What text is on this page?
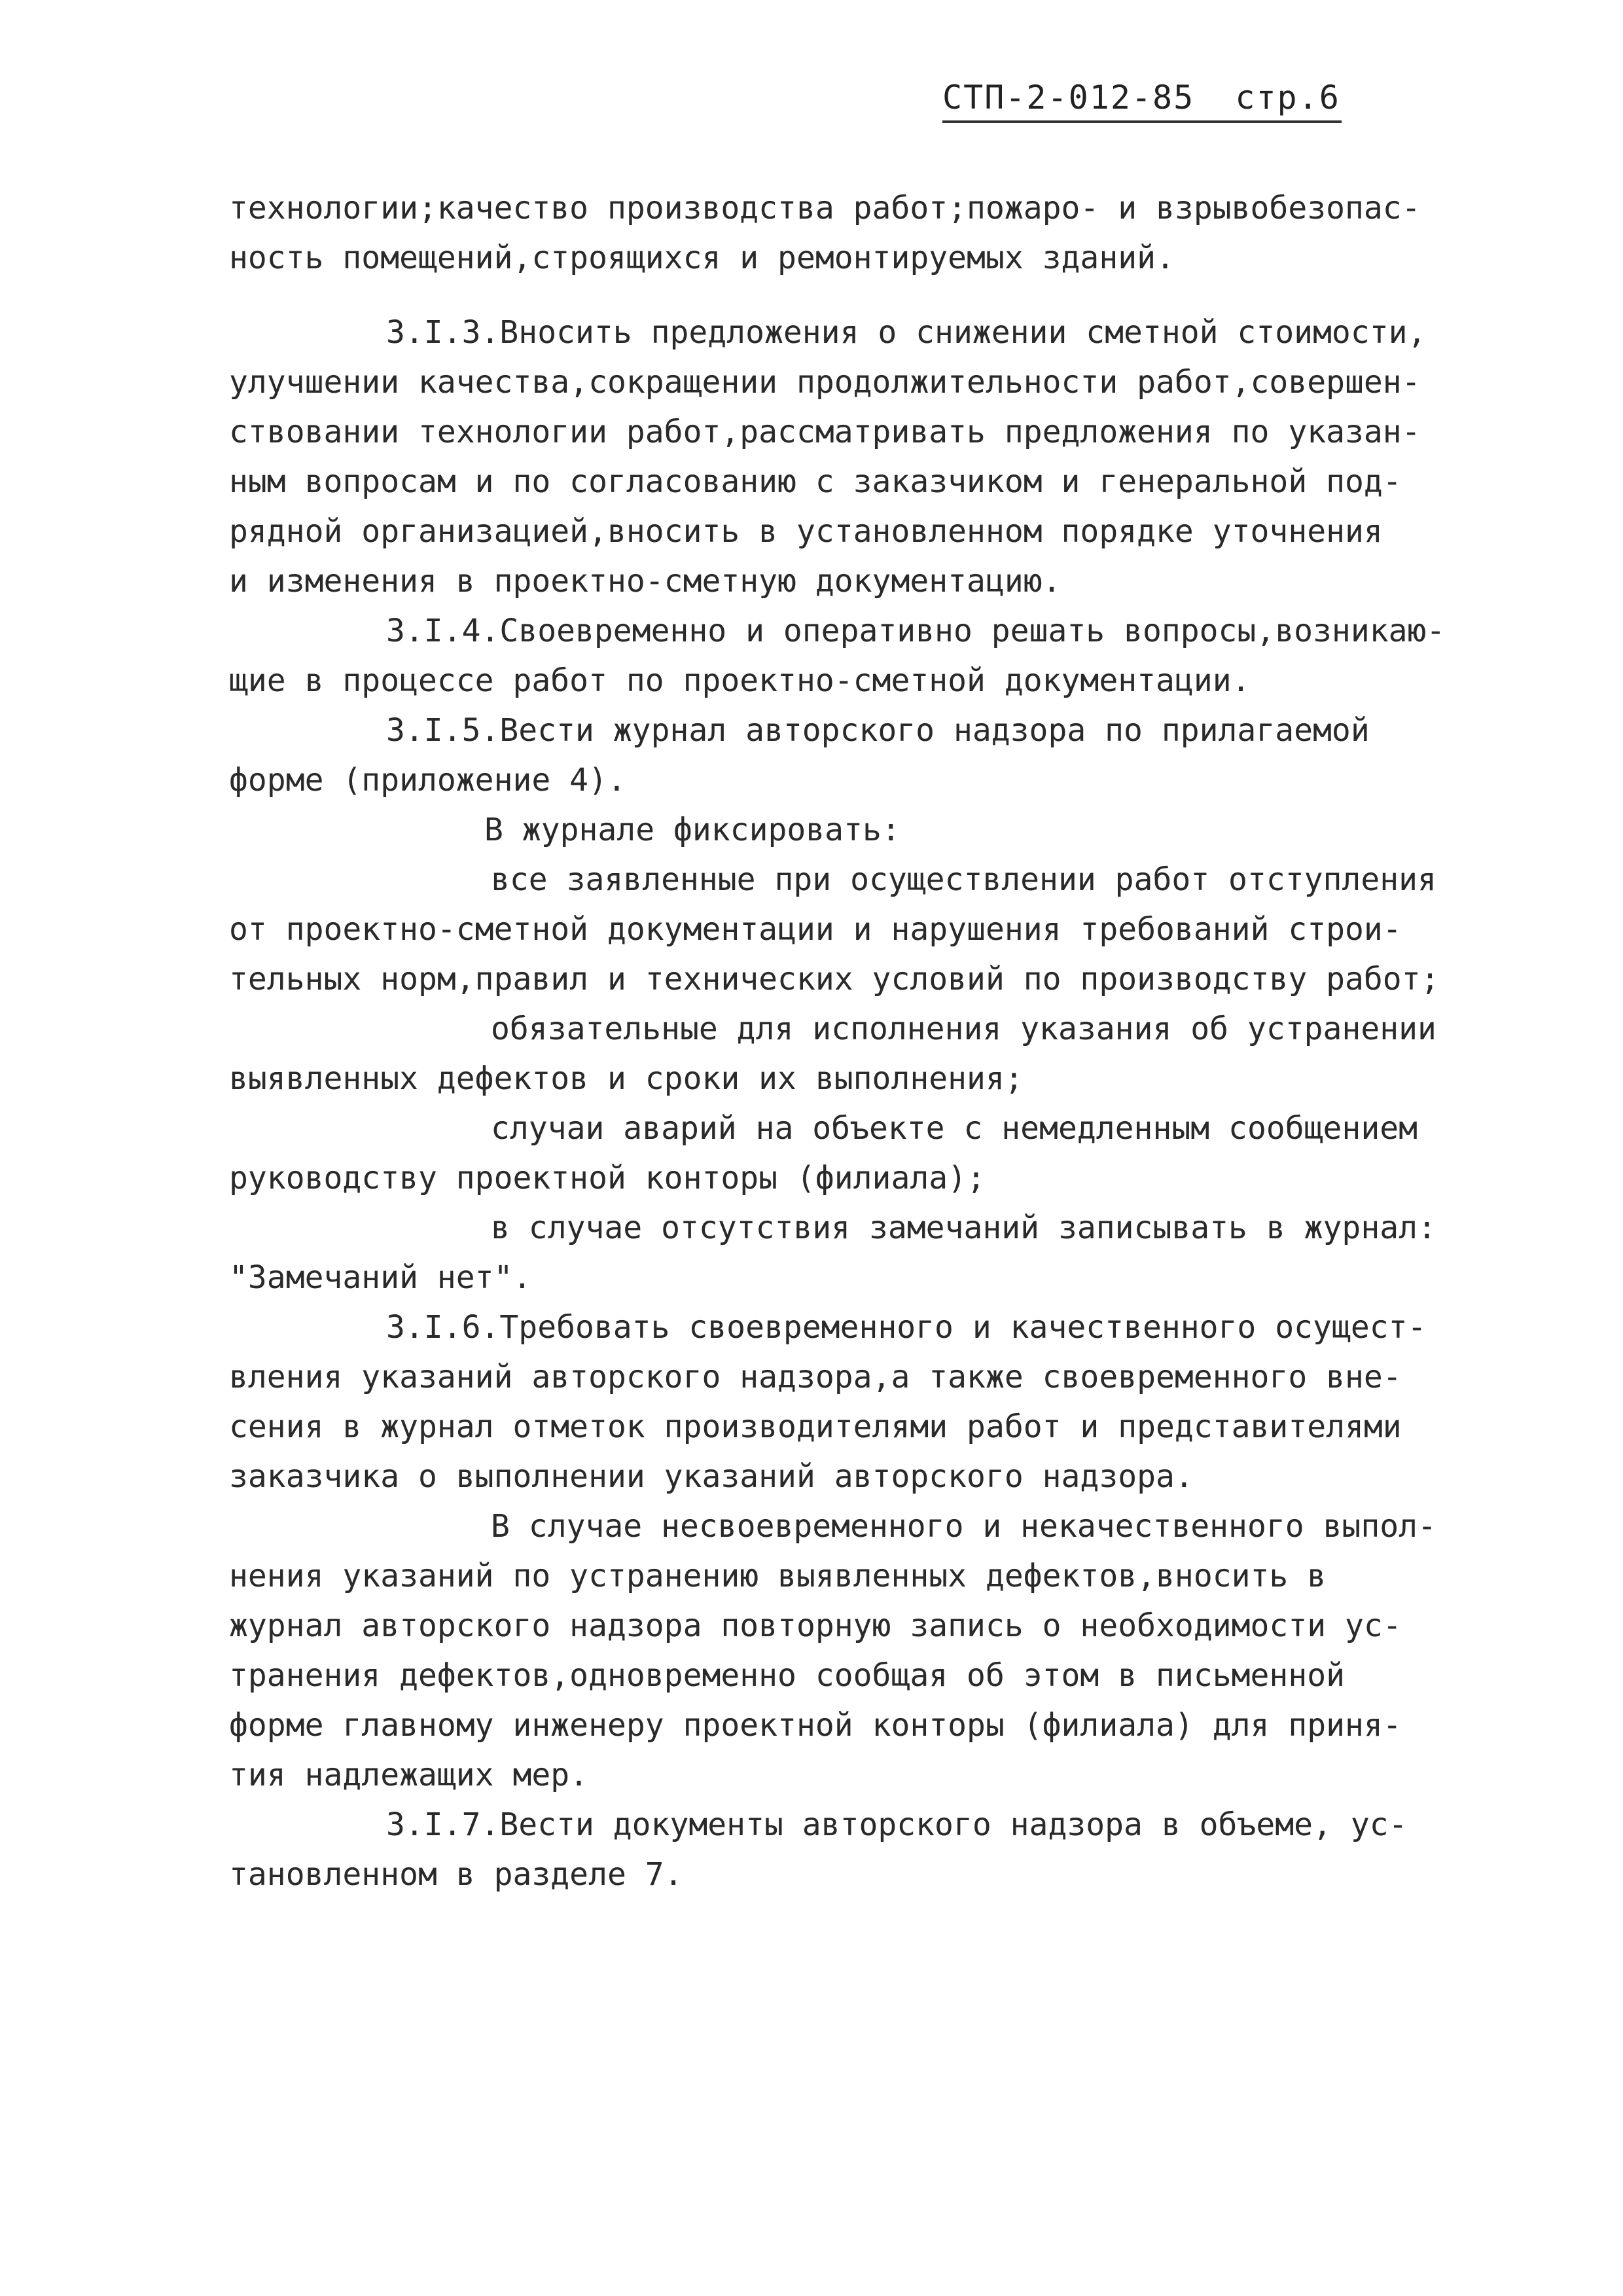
СТП-2-012-85 стр.6
технологии;качество производства работ;пожаро- и взрывобезопас-
ность помещений,строящихся и ремонтируемых зданий.
3.I.3.Вносить предложения о снижении сметной стоимости,
улучшении качества,сокращении продолжительности работ,совершен-
ствовании технологии работ,рассматривать предложения по указан-
ным вопросам и по согласованию с заказчиком и генеральной под-
рядной организацией,вносить в установленном порядке уточнения
и изменения в проектно-сметную документацию.
3.I.4.Своевременно и оперативно решать вопросы,возникаю-
щие в процессе работ по проектно-сметной документации.
3.I.5.Вести журнал авторского надзора по прилагаемой
форме (приложение 4).
В журнале фиксировать:
все заявленные при осуществлении работ отступления
от проектно-сметной документации и нарушения требований строи-
тельных норм,правил и технических условий по производству работ;
обязательные для исполнения указания об устранении
выявленных дефектов и сроки их выполнения;
случаи аварий на объекте с немедленным сообщением
руководству проектной конторы (филиала);
в случае отсутствия замечаний записывать в журнал:
"Замечаний нет".
3.I.6.Требовать своевременного и качественного осущест-
вления указаний авторского надзора,а также своевременного вне-
сения в журнал отметок производителями работ и представителями
заказчика о выполнении указаний авторского надзора.
В случае несвоевременного и некачественного выпол-
нения указаний по устранению выявленных дефектов,вносить в
журнал авторского надзора повторную запись о необходимости ус-
транения дефектов,одновременно сообщая об этом в письменной
форме главному инженеру проектной конторы (филиала) для приня-
тия надлежащих мер.
3.I.7.Вести документы авторского надзора в объеме, ус-
тановленном в разделе 7.
